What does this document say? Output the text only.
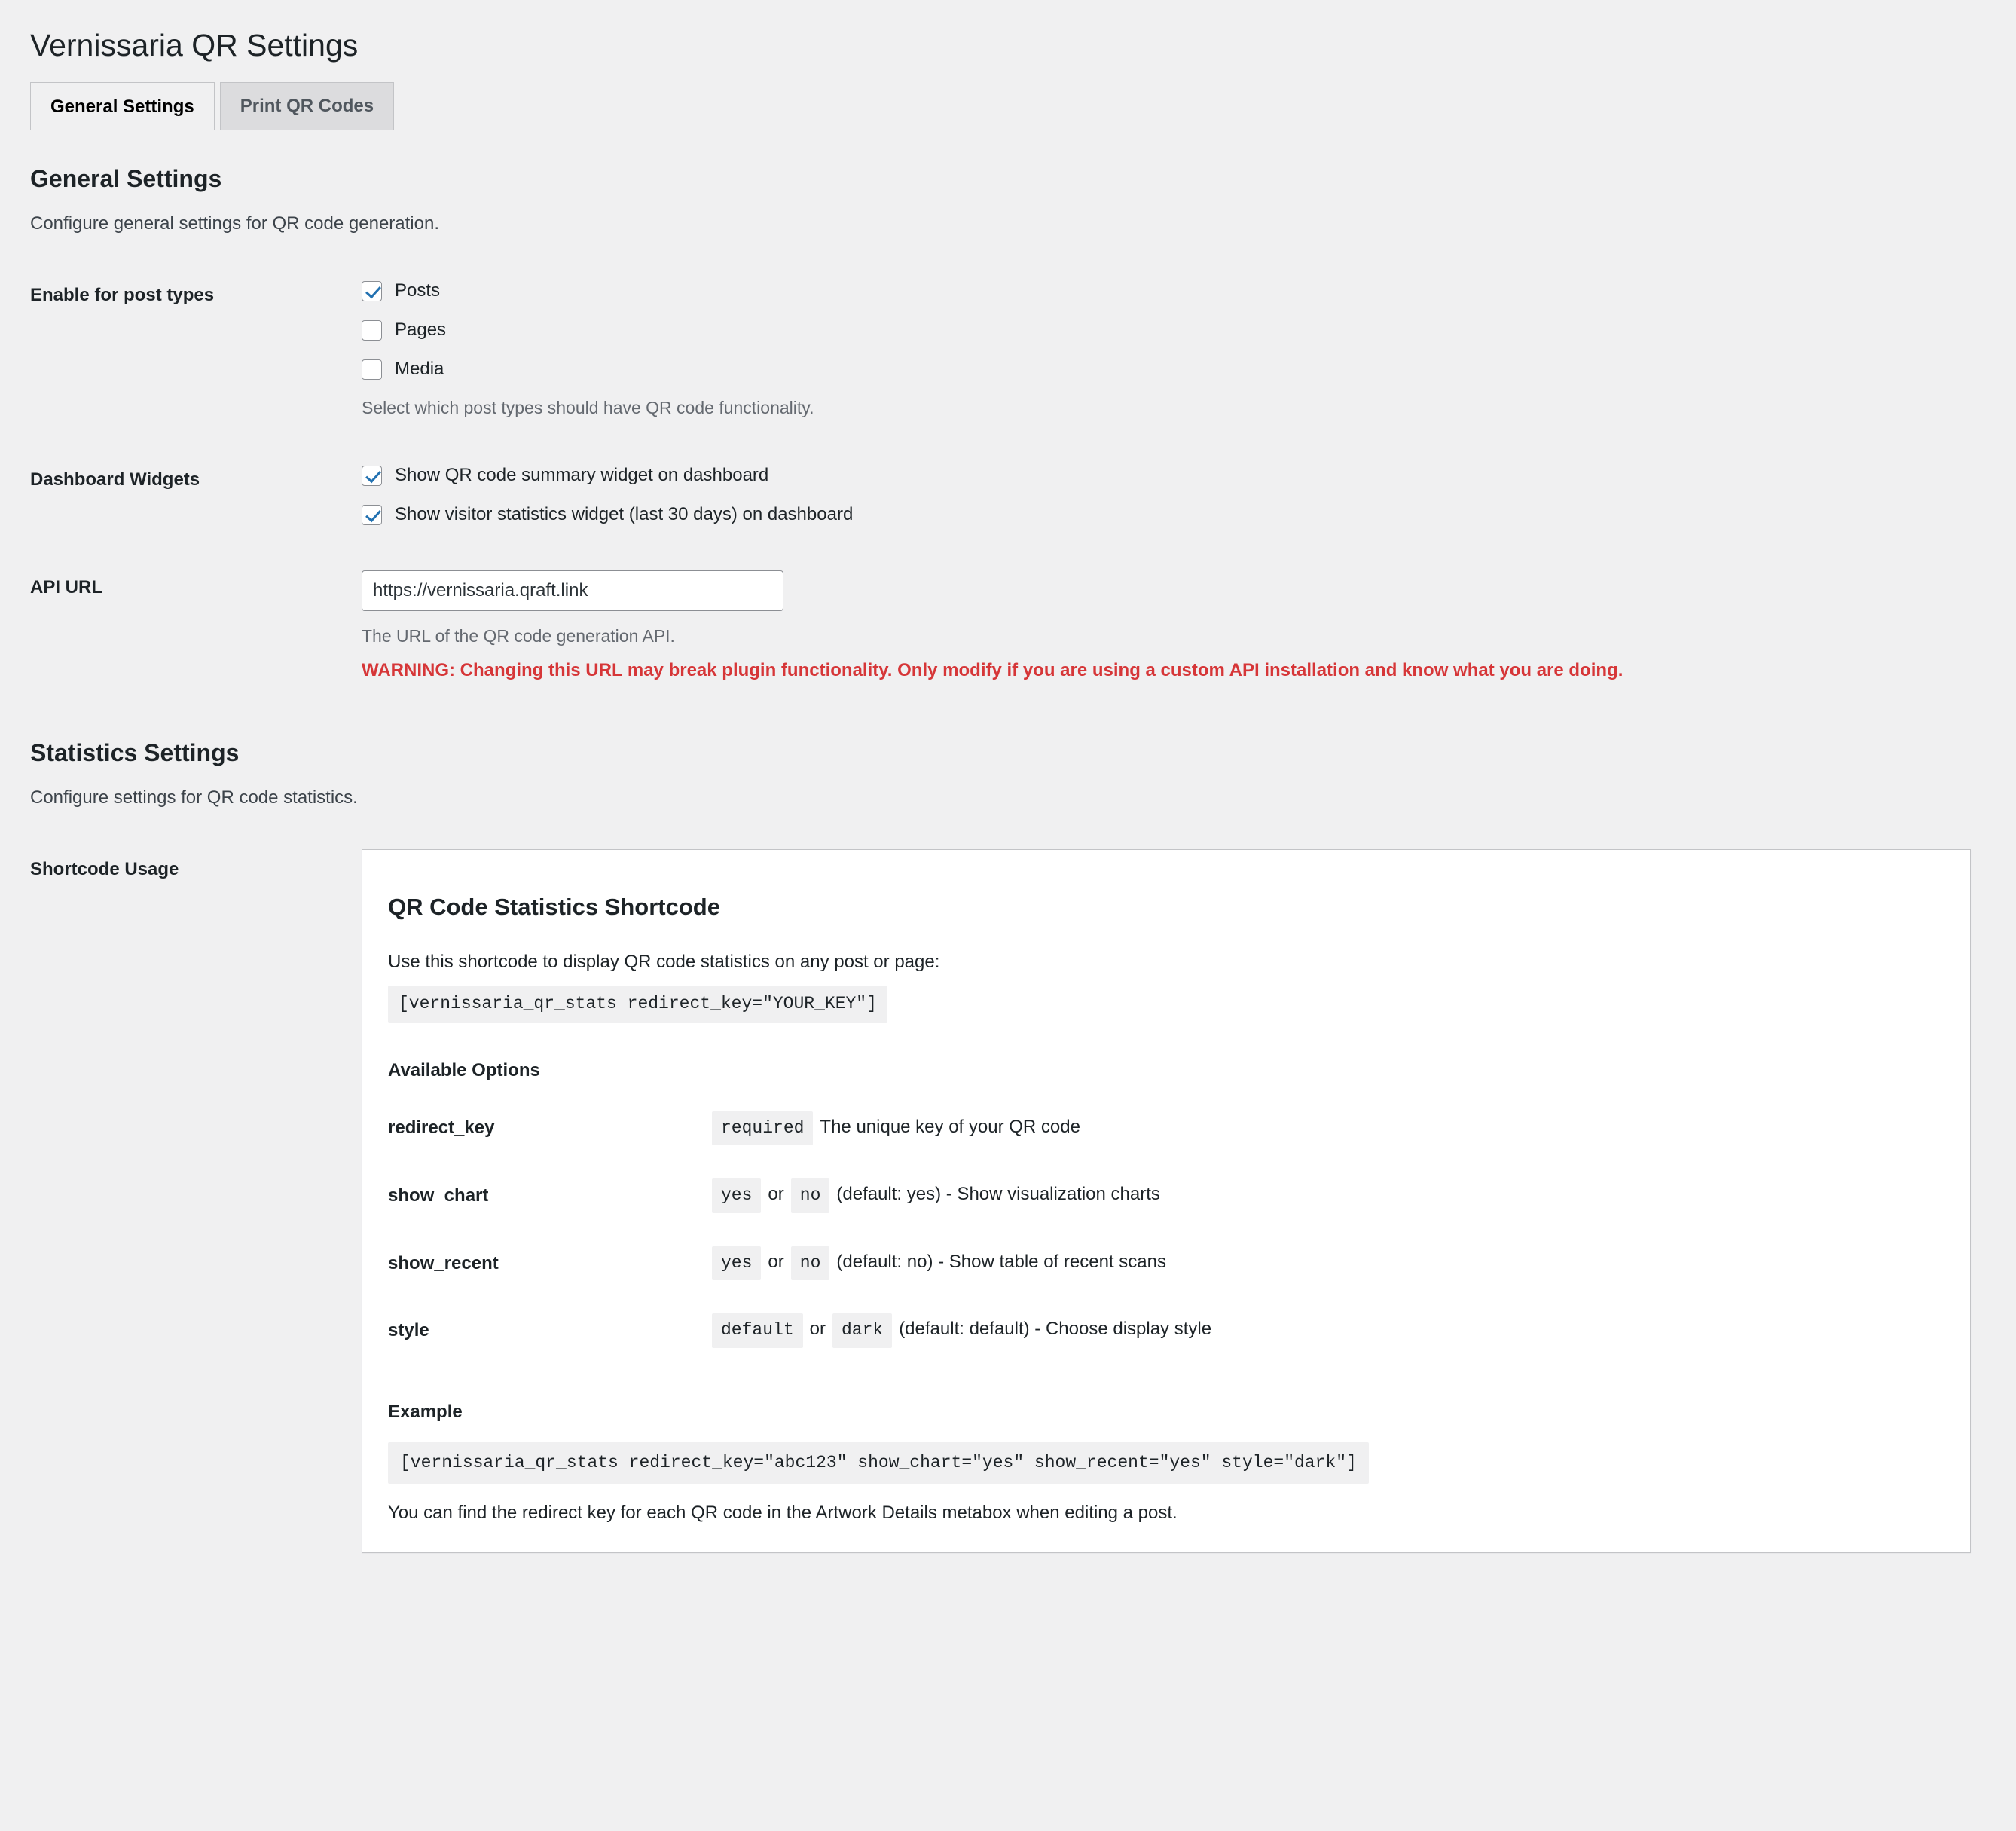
Vernissaria QR Settings
General Settings	Print QR Codes
General Settings

Configure general settings for QR code generation.

Enable for post types	Posts
Pages
Media
Select which post types should have QR code functionality.

Dashboard Widgets	Show QR code summary widget on dashboard
Show visitor statistics widget (last 30 days) on dashboard

API URL	https://vernissaria.qraft.link
The URL of the QR code generation API.
WARNING: Changing this URL may break plugin functionality. Only modify if you are using a custom API installation and know what you are doing.
Statistics Settings

Configure settings for QR code statistics.

Shortcode Usage	
QR Code Statistics Shortcode

Use this shortcode to display QR code statistics on any post or page:

[vernissaria_qr_stats redirect_key="YOUR_KEY"]
Available Options
redirect_key	required The unique key of your QR code
show_chart	yes or no (default: yes) - Show visualization charts
show_recent	yes or no (default: no) - Show table of recent scans
style	default or dark (default: default) - Choose display style
Example
[vernissaria_qr_stats redirect_key="abc123" show_chart="yes" show_recent="yes" style="dark"]

You can find the redirect key for each QR code in the Artwork Details metabox when editing a post.
